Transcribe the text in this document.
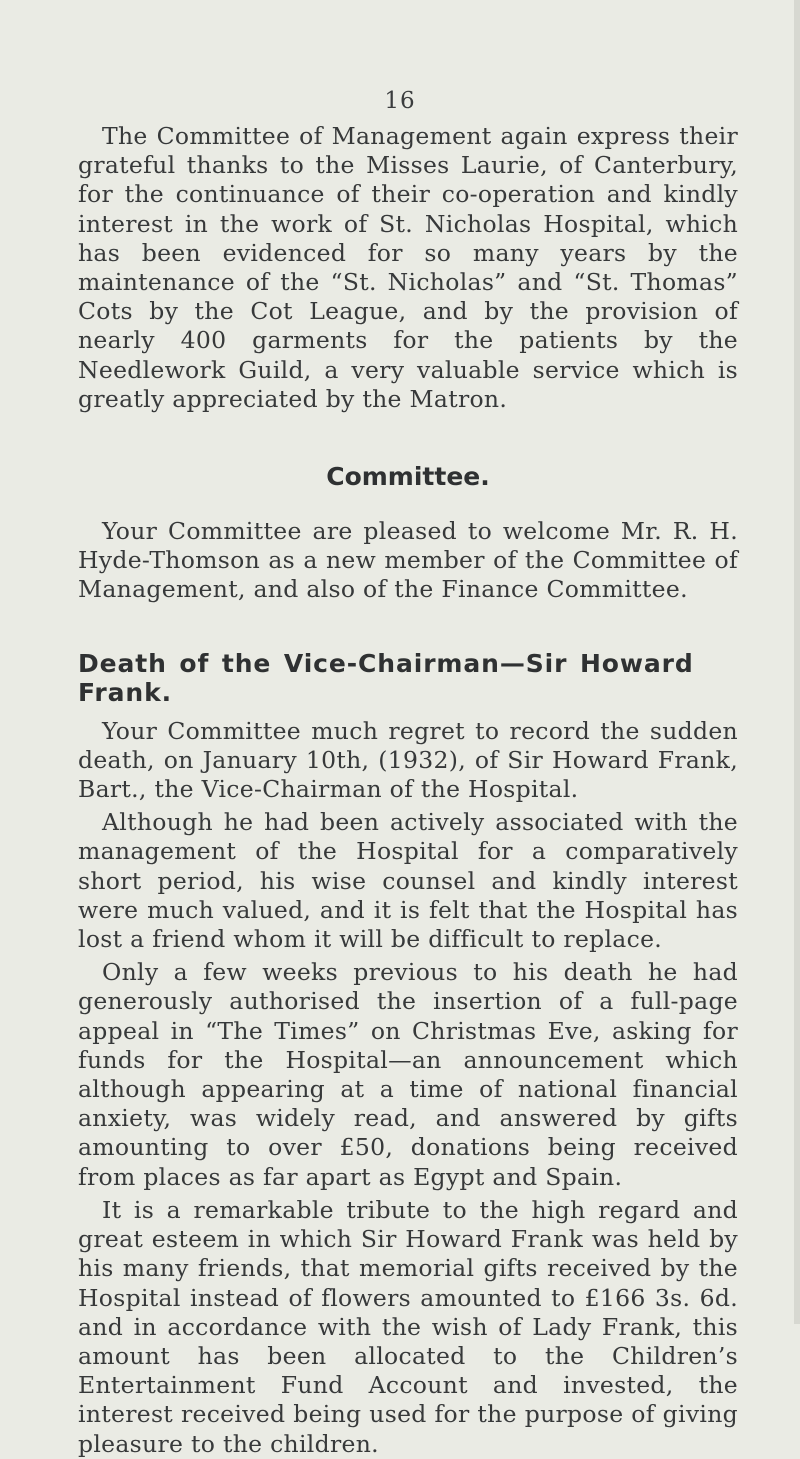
16

The Committee of Management again express their grateful thanks to the Misses Laurie, of Canterbury, for the continuance of their co-operation and kindly interest in the work of St. Nicholas Hospital, which has been evidenced for so many years by the maintenance of the “St. Nicholas” and “St. Thomas” Cots by the Cot League, and by the provision of nearly 400 garments for the patients by the Needlework Guild, a very valuable service which is greatly appreciated by the Matron.

Committee.

Your Committee are pleased to welcome Mr. R. H. Hyde-Thomson as a new member of the Committee of Management, and also of the Finance Committee.

Death of the Vice-Chairman—Sir Howard Frank.

Your Committee much regret to record the sudden death, on January 10th, (1932), of Sir Howard Frank, Bart., the Vice-Chairman of the Hospital.

Although he had been actively associated with the management of the Hospital for a comparatively short period, his wise counsel and kindly interest were much valued, and it is felt that the Hospital has lost a friend whom it will be difficult to replace.

Only a few weeks previous to his death he had generously authorised the insertion of a full-page appeal in “The Times” on Christmas Eve, asking for funds for the Hospital—an announcement which although appearing at a time of national financial anxiety, was widely read, and answered by gifts amounting to over £50, donations being received from places as far apart as Egypt and Spain.

It is a remarkable tribute to the high regard and great esteem in which Sir Howard Frank was held by his many friends, that memorial gifts received by the Hospital instead of flowers amounted to £166 3s. 6d. and in accordance with the wish of Lady Frank, this amount has been allocated to the Children’s Entertainment Fund Account and invested, the interest received being used for the purpose of giving pleasure to the children.
